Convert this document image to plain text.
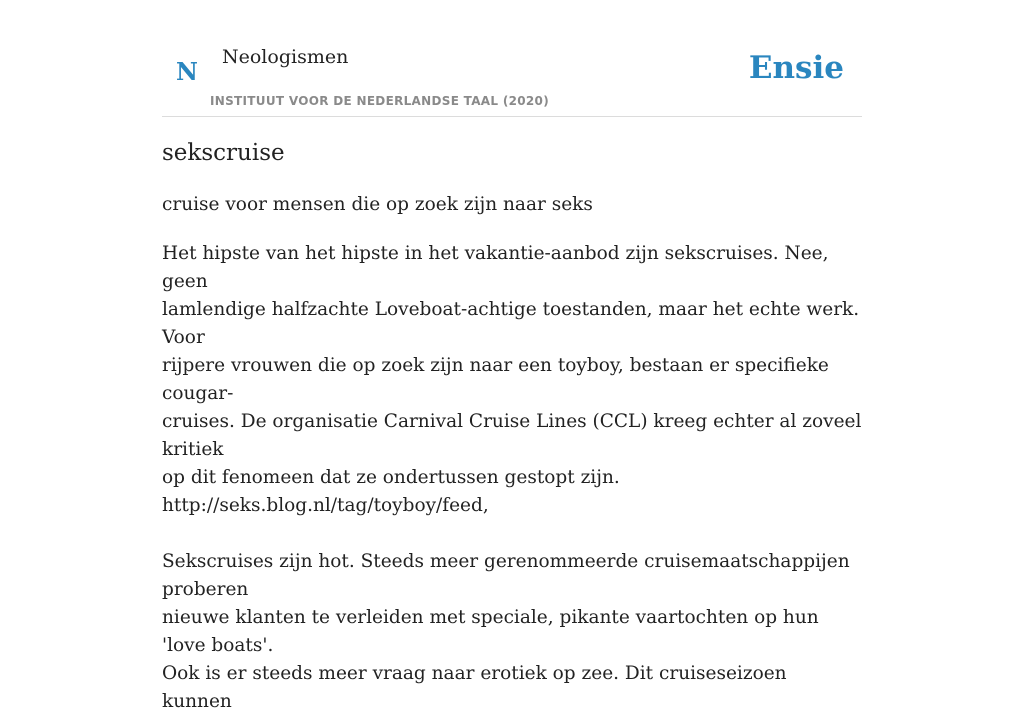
N Neologismen
INSTITUUT VOOR DE NEDERLANDSE TAAL (2020)
Ensie
sekscruise

cruise voor mensen die op zoek zijn naar seks

Het hipste van het hipste in het vakantie-aanbod zijn sekscruises. Nee, geen
lamlendige halfzachte Loveboat-achtige toestanden, maar het echte werk. Voor
rijpere vrouwen die op zoek zijn naar een toyboy, bestaan er specifieke cougar-
cruises. De organisatie Carnival Cruise Lines (CCL) kreeg echter al zoveel kritiek
op dit fenomeen dat ze ondertussen gestopt zijn.
http://seks.blog.nl/tag/toyboy/feed,
Sekscruises zijn hot. Steeds meer gerenommeerde cruisemaatschappijen proberen
nieuwe klanten te verleiden met speciale, pikante vaartochten op hun 'love boats'.
Ook is er steeds meer vraag naar erotiek op zee. Dit cruiseseizoen kunnen
